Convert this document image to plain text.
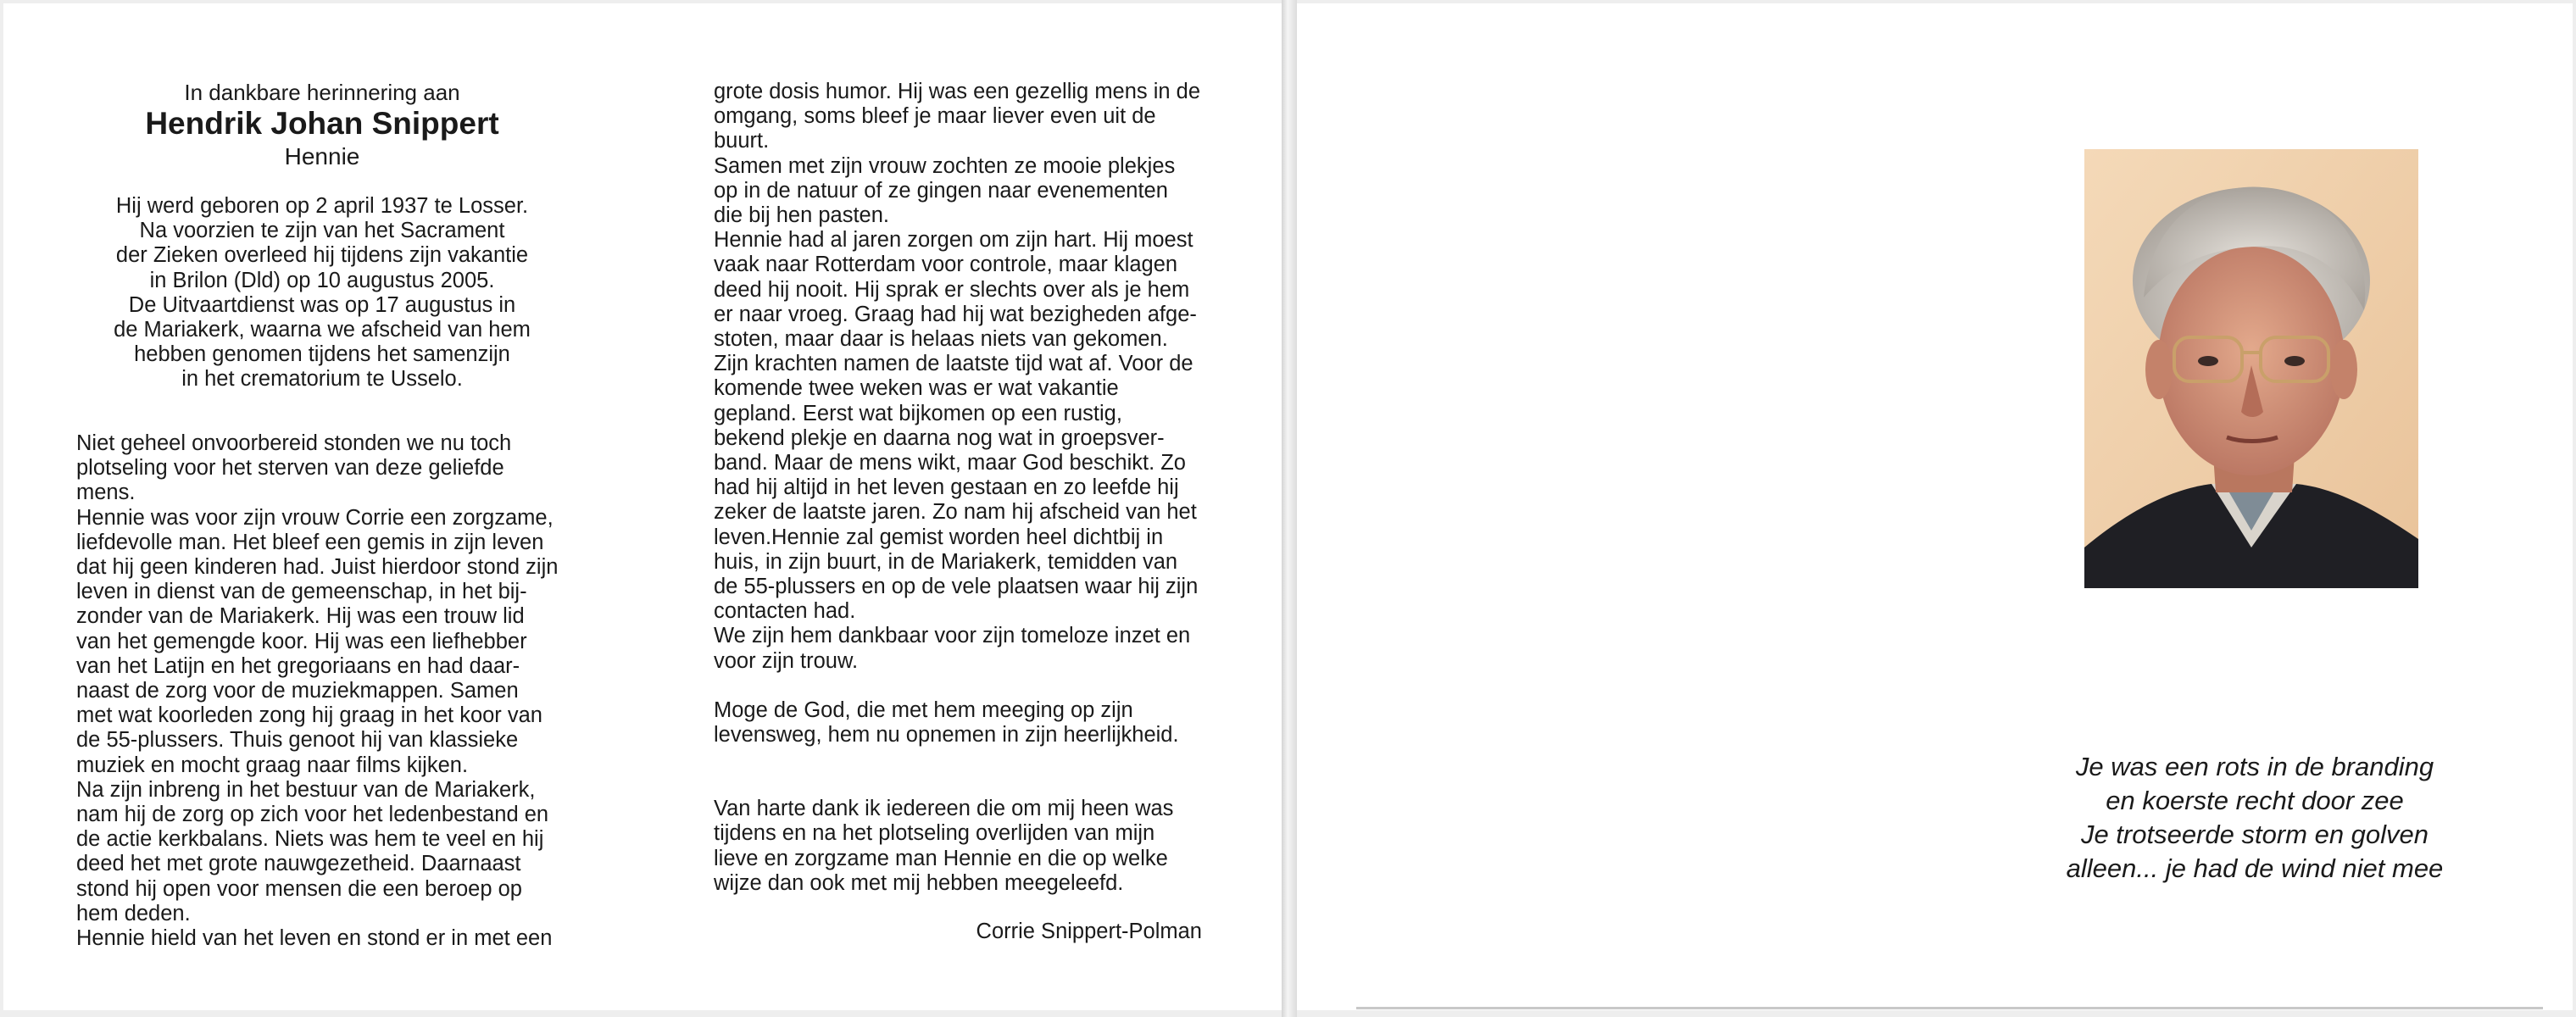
In dankbare herinnering aan
Hendrik Johan Snippert
Hennie

Hij werd geboren op 2 april 1937 te Losser.

Na voorzien te zijn van het Sacrament

der Zieken overleed hij tijdens zijn vakantie

in Brilon (Dld) op 10 augustus 2005.

De Uitvaartdienst was op 17 augustus in

de Mariakerk, waarna we afscheid van hem

hebben genomen tijdens het samenzijn

in het crematorium te Usselo.

Niet geheel onvoorbereid stonden we nu toch

plotseling voor het sterven van deze geliefde

mens.

Hennie was voor zijn vrouw Corrie een zorgzame,

liefdevolle man. Het bleef een gemis in zijn leven

dat hij geen kinderen had. Juist hierdoor stond zijn

leven in dienst van de gemeenschap, in het bij-

zonder van de Mariakerk. Hij was een trouw lid

van het gemengde koor. Hij was een liefhebber

van het Latijn en het gregoriaans en had daar-

naast de zorg voor de muziekmappen. Samen

met wat koorleden zong hij graag in het koor van

de 55-plussers. Thuis genoot hij van klassieke

muziek en mocht graag naar films kijken.

Na zijn inbreng in het bestuur van de Mariakerk,

nam hij de zorg op zich voor het ledenbestand en

de actie kerkbalans. Niets was hem te veel en hij

deed het met grote nauwgezetheid. Daarnaast

stond hij open voor mensen die een beroep op

hem deden.

Hennie hield van het leven en stond er in met een

grote dosis humor. Hij was een gezellig mens in de

omgang, soms bleef je maar liever even uit de

buurt.

Samen met zijn vrouw zochten ze mooie plekjes

op in de natuur of ze gingen naar evenementen

die bij hen pasten.

Hennie had al jaren zorgen om zijn hart. Hij moest

vaak naar Rotterdam voor controle, maar klagen

deed hij nooit. Hij sprak er slechts over als je hem

er naar vroeg. Graag had hij wat bezigheden afge-

stoten, maar daar is helaas niets van gekomen.

Zijn krachten namen de laatste tijd wat af. Voor de

komende twee weken was er wat vakantie

gepland. Eerst wat bijkomen op een rustig,

bekend plekje en daarna nog wat in groepsver-

band. Maar de mens wikt, maar God beschikt. Zo

had hij altijd in het leven gestaan en zo leefde hij

zeker de laatste jaren. Zo nam hij afscheid van het

leven.Hennie zal gemist worden heel dichtbij in

huis, in zijn buurt, in de Mariakerk, temidden van

de 55-plussers en op de vele plaatsen waar hij zijn

contacten had.

We zijn hem dankbaar voor zijn tomeloze inzet en

voor zijn trouw.

Moge de God, die met hem meeging op zijn

levensweg, hem nu opnemen in zijn heerlijkheid.

Van harte dank ik iedereen die om mij heen was

tijdens en na het plotseling overlijden van mijn

lieve en zorgzame man Hennie en die op welke

wijze dan ook met mij hebben meegeleefd.

Corrie Snippert-Polman

Je was een rots in de branding

en koerste recht door zee

Je trotseerde storm en golven

alleen... je had de wind niet mee
